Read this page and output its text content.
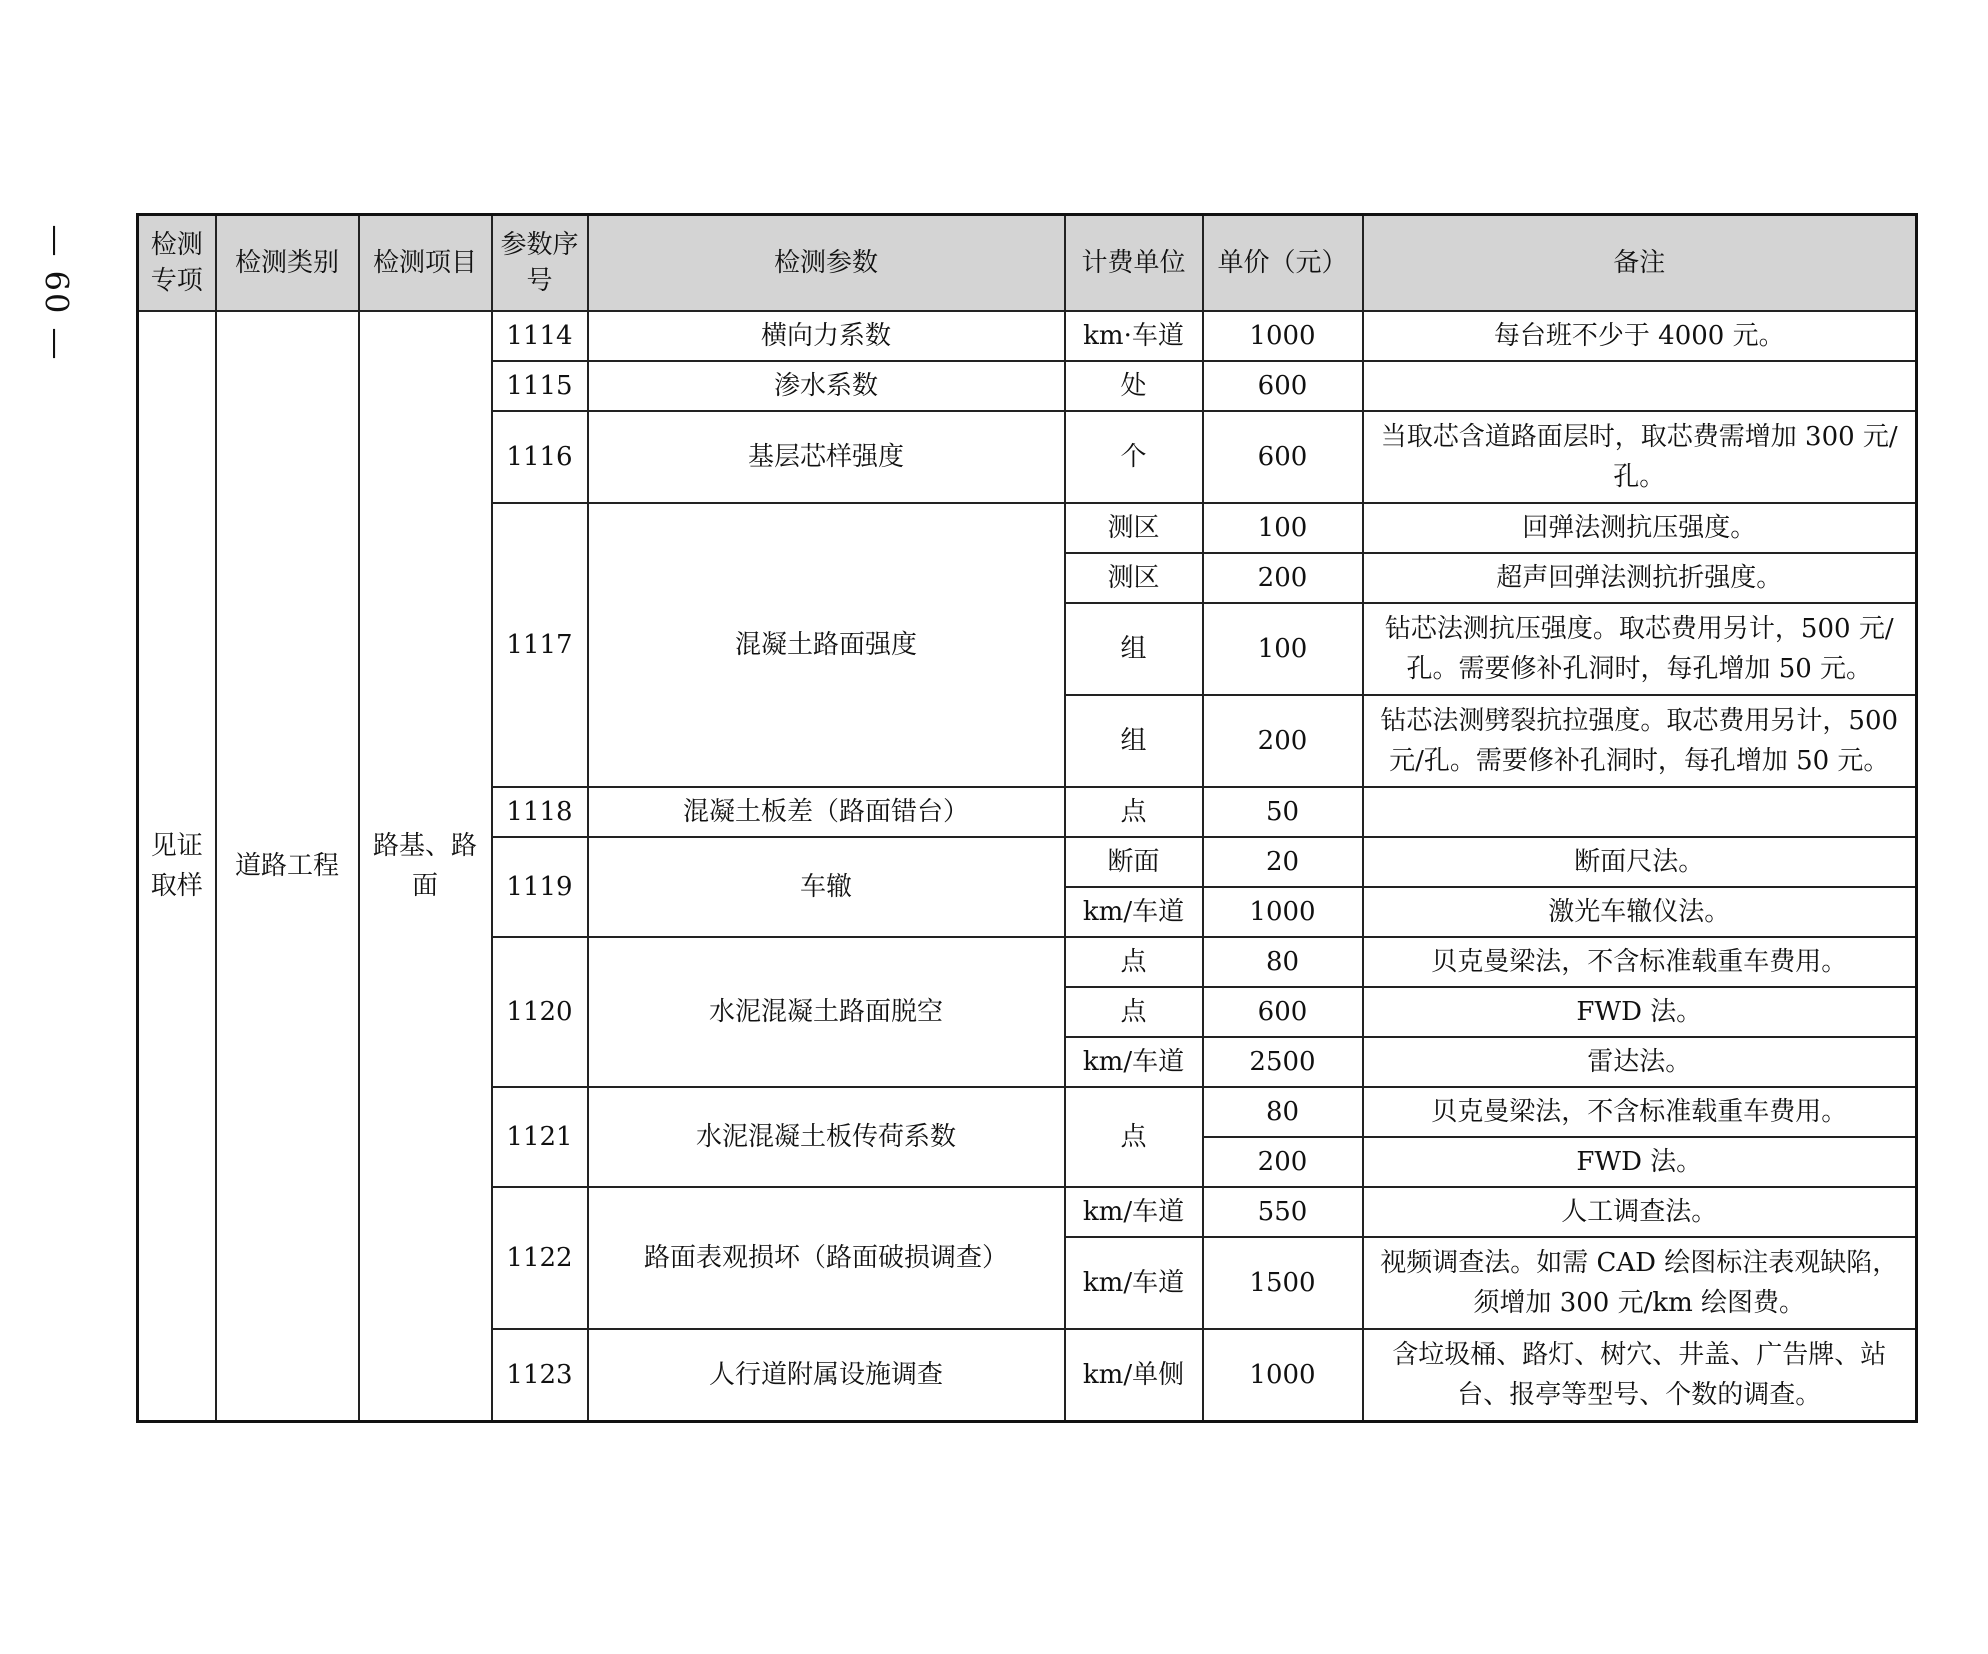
— 60 —	检测专项	检测类别	检测项目	参数序号	检测参数	计费单位	单价（元）	备注
见证取样	道路工程	路基、路面	1114	横向力系数	km·车道	1000	每台班不少于 4000 元。
			1115	渗水系数	处	600	
			1116	基层芯样强度	个	600	当取芯含道路面层时，取芯费需增加 300 元/孔。
			1117	混凝土路面强度	测区	100	回弹法测抗压强度。
					测区	200	超声回弹法测抗折强度。
					组	100	钻芯法测抗压强度。取芯费用另计，500 元/孔。需要修补孔洞时，每孔增加 50 元。
					组	200	钻芯法测劈裂抗拉强度。取芯费用另计，500 元/孔。需要修补孔洞时，每孔增加 50 元。
			1118	混凝土板差（路面错台）	点	50	
			1119	车辙	断面	20	断面尺法。
					km/车道	1000	激光车辙仪法。
			1120	水泥混凝土路面脱空	点	80	贝克曼梁法，不含标准载重车费用。
					点	600	FWD 法。
					km/车道	2500	雷达法。
			1121	水泥混凝土板传荷系数	点	80	贝克曼梁法，不含标准载重车费用。
						200	FWD 法。
			1122	路面表观损坏（路面破损调查）	km/车道	550	人工调查法。
					km/车道	1500	视频调查法。如需 CAD 绘图标注表观缺陷，须增加 300 元/km 绘图费。
			1123	人行道附属设施调查	km/单侧	1000	含垃圾桶、路灯、树穴、井盖、广告牌、站台、报亭等型号、个数的调查。
